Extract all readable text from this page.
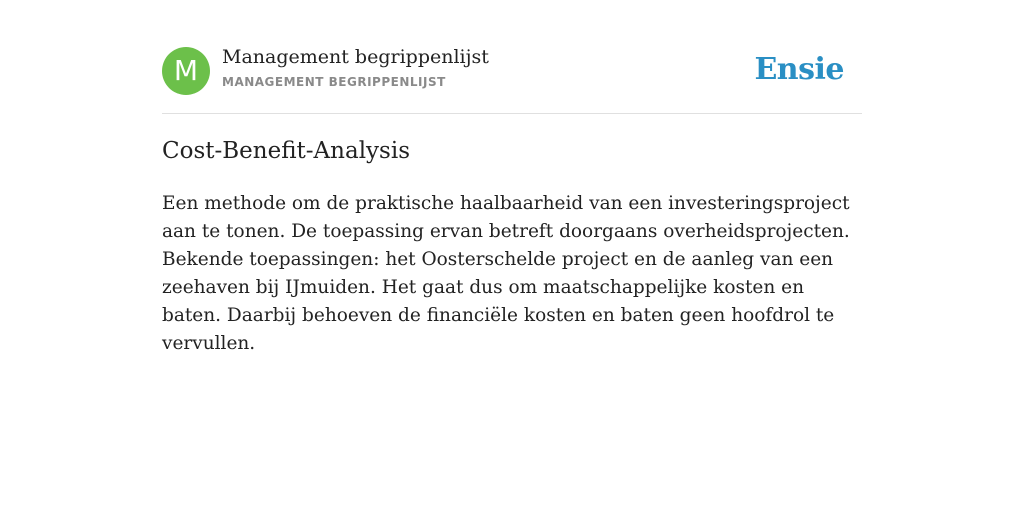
M	Management begrippenlijst
MANAGEMENT BEGRIPPENLIJST	Ensie
Cost-Benefit-Analysis

Een methode om de praktische haalbaarheid van een investeringsproject aan te tonen. De toepassing ervan betreft doorgaans overheidsprojecten. Bekende toepassingen: het Oosterschelde project en de aanleg van een zeehaven bij IJmuiden. Het gaat dus om maatschappelijke kosten en baten. Daarbij behoeven de financiële kosten en baten geen hoofdrol te vervullen.
